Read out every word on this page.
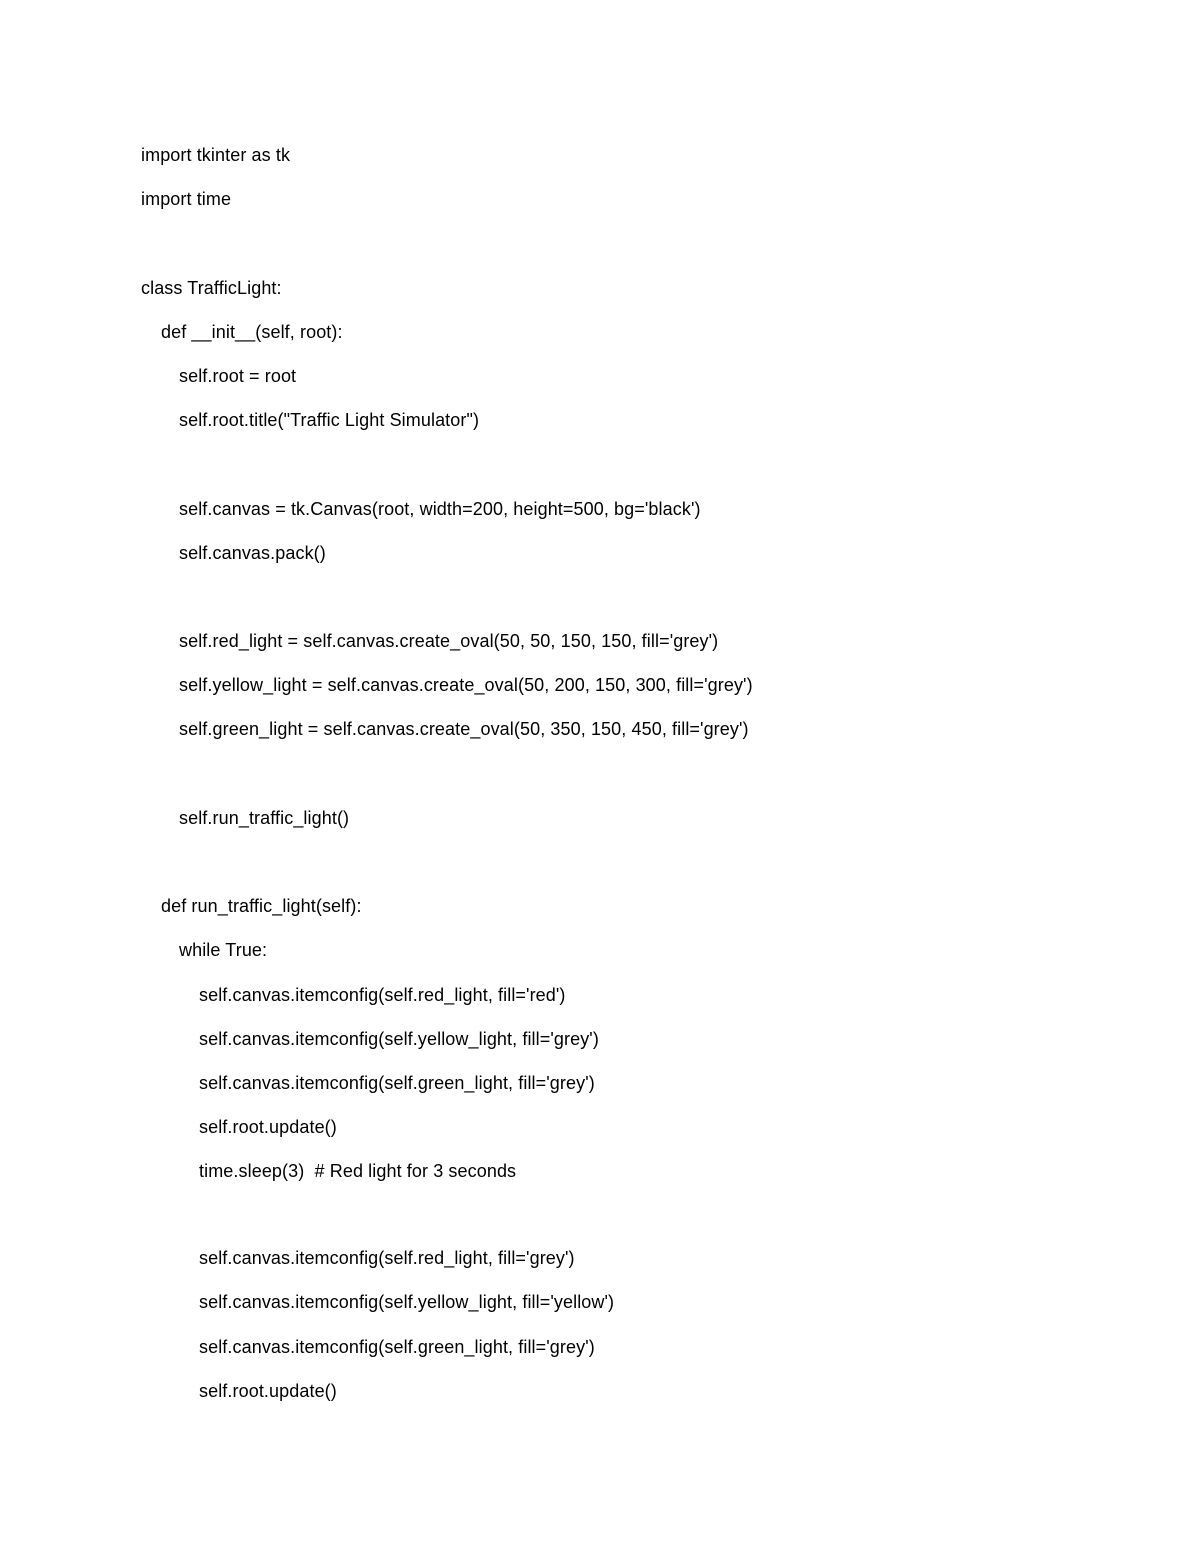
import tkinter as tk
import time
class TrafficLight:
def __init__(self, root):
self.root = root
self.root.title("Traffic Light Simulator")
self.canvas = tk.Canvas(root, width=200, height=500, bg='black')
self.canvas.pack()
self.red_light = self.canvas.create_oval(50, 50, 150, 150, fill='grey')
self.yellow_light = self.canvas.create_oval(50, 200, 150, 300, fill='grey')
self.green_light = self.canvas.create_oval(50, 350, 150, 450, fill='grey')
self.run_traffic_light()
def run_traffic_light(self):
while True:
self.canvas.itemconfig(self.red_light, fill='red')
self.canvas.itemconfig(self.yellow_light, fill='grey')
self.canvas.itemconfig(self.green_light, fill='grey')
self.root.update()
time.sleep(3)  # Red light for 3 seconds
self.canvas.itemconfig(self.red_light, fill='grey')
self.canvas.itemconfig(self.yellow_light, fill='yellow')
self.canvas.itemconfig(self.green_light, fill='grey')
self.root.update()
